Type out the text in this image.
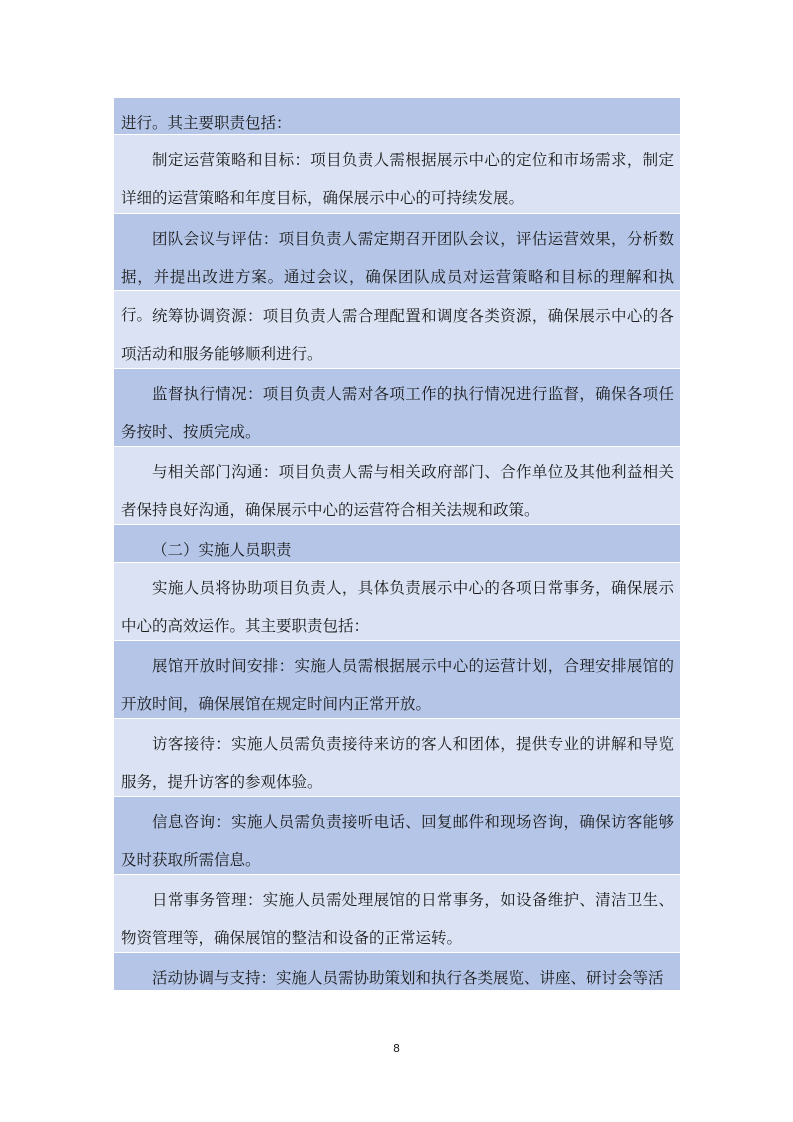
进行。其主要职责包括：
制定运营策略和目标：项目负责人需根据展示中心的定位和市场需求，制定详细的运营策略和年度目标，确保展示中心的可持续发展。
团队会议与评估：项目负责人需定期召开团队会议，评估运营效果，分析数据，并提出改进方案。通过会议，确保团队成员对运营策略和目标的理解和执行。 统筹协调资源：项目负责人需合理配置和调度各类资源，确保展示中心的各项活动和服务能够顺利进行。
监督执行情况：项目负责人需对各项工作的执行情况进行监督，确保各项任务按时、按质完成。
与相关部门沟通：项目负责人需与相关政府部门、合作单位及其他利益相关者保持良好沟通，确保展示中心的运营符合相关法规和政策。
（二）实施人员职责
实施人员将协助项目负责人，具体负责展示中心的各项日常事务，确保展示中心的高效运作。其主要职责包括：
展馆开放时间安排：实施人员需根据展示中心的运营计划，合理安排展馆的开放时间，确保展馆在规定时间内正常开放。
访客接待：实施人员需负责接待来访的客人和团体，提供专业的讲解和导览服务，提升访客的参观体验。
信息咨询：实施人员需负责接听电话、回复邮件和现场咨询，确保访客能够及时获取所需信息。
日常事务管理：实施人员需处理展馆的日常事务，如设备维护、清洁卫生、物资管理等，确保展馆的整洁和设备的正常运转。
活动协调与支持：实施人员需协助策划和执行各类展览、讲座、研讨会等活
8
